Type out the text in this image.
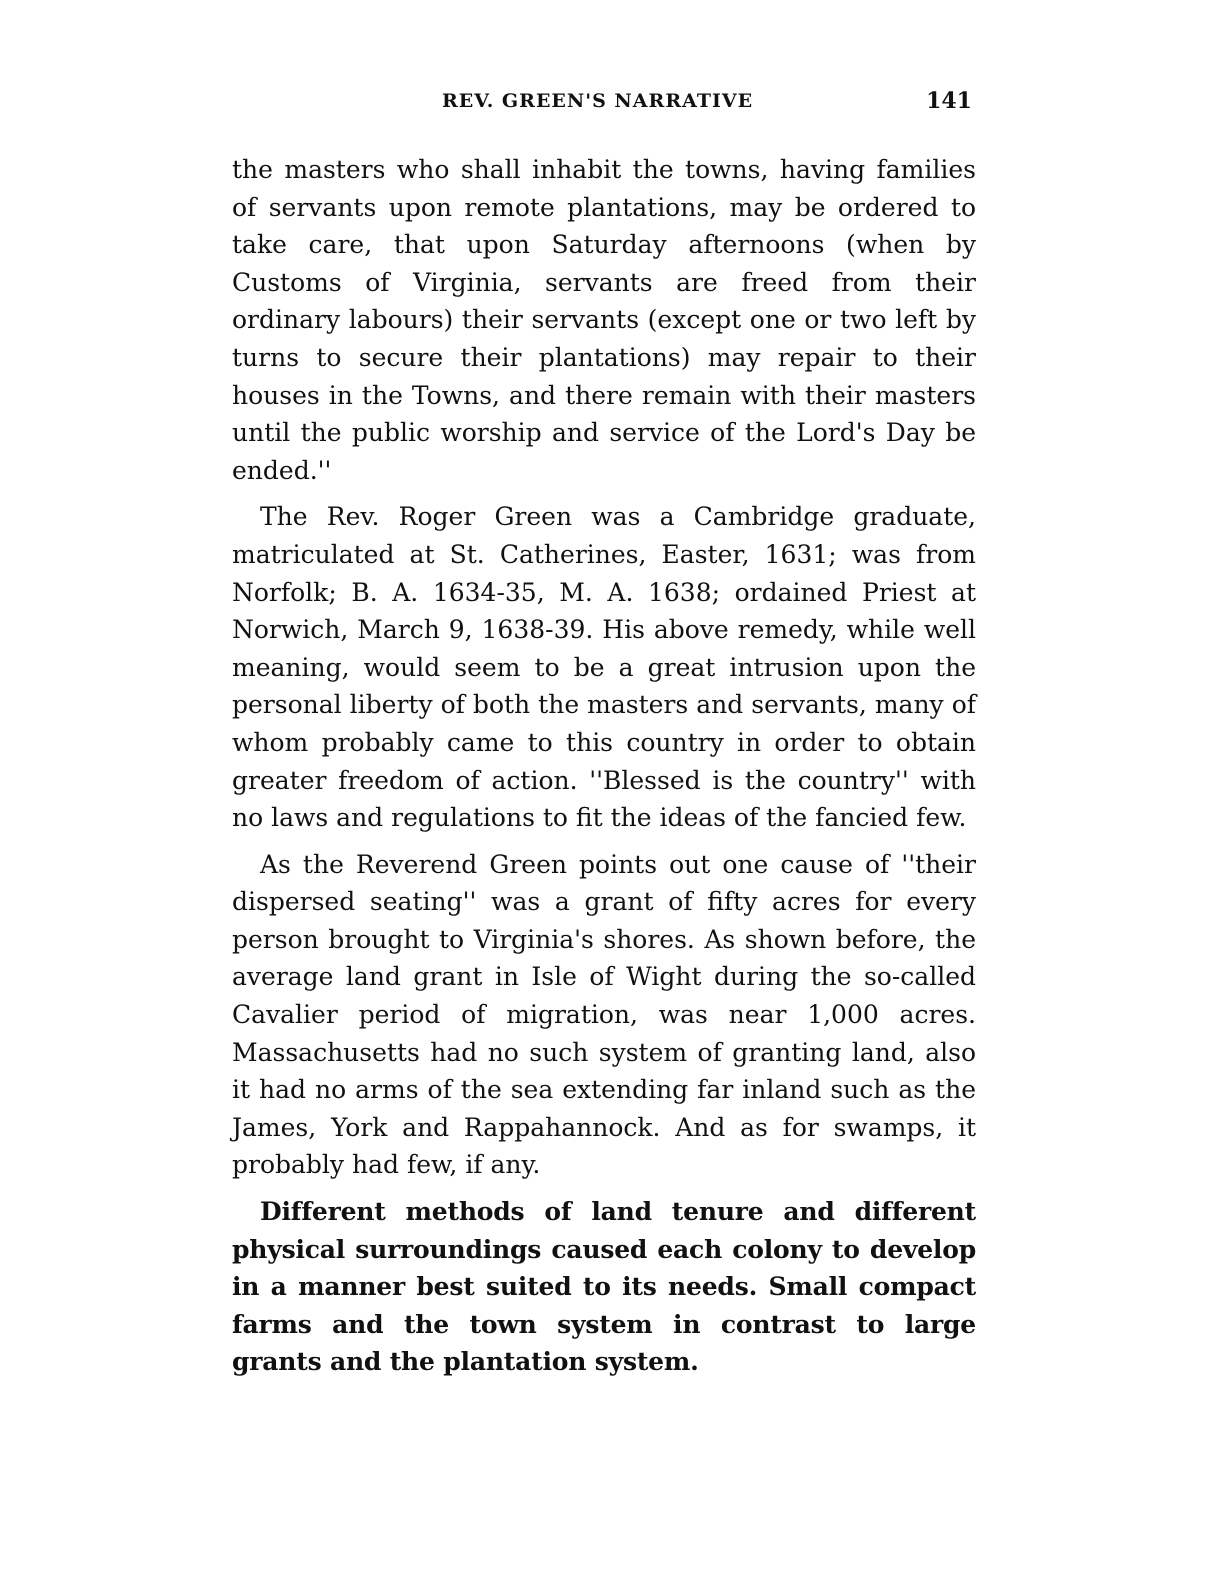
REV. GREEN'S NARRATIVE	141

the masters who shall inhabit the towns, having families of servants upon remote plantations, may be ordered to take care, that upon Saturday afternoons (when by Customs of Virginia, servants are freed from their ordinary labours) their servants (except one or two left by turns to secure their plantations) may repair to their houses in the Towns, and there remain with their masters until the public worship and service of the Lord's Day be ended.''

The Rev. Roger Green was a Cambridge graduate, matriculated at St. Catherines, Easter, 1631; was from Norfolk; B. A. 1634-35, M. A. 1638; ordained Priest at Norwich, March 9, 1638-39. His above remedy, while well meaning, would seem to be a great intrusion upon the personal liberty of both the masters and servants, many of whom probably came to this country in order to obtain greater freedom of action. ''Blessed is the country'' with no laws and regulations to fit the ideas of the fancied few.

As the Reverend Green points out one cause of ''their dispersed seating'' was a grant of fifty acres for every person brought to Virginia's shores. As shown before, the average land grant in Isle of Wight during the so-called Cavalier period of migration, was near 1,000 acres. Massachusetts had no such system of granting land, also it had no arms of the sea extending far inland such as the James, York and Rappahannock. And as for swamps, it probably had few, if any.

Different methods of land tenure and different physical surroundings caused each colony to develop in a manner best suited to its needs. Small compact farms and the town system in contrast to large grants and the plantation system.
